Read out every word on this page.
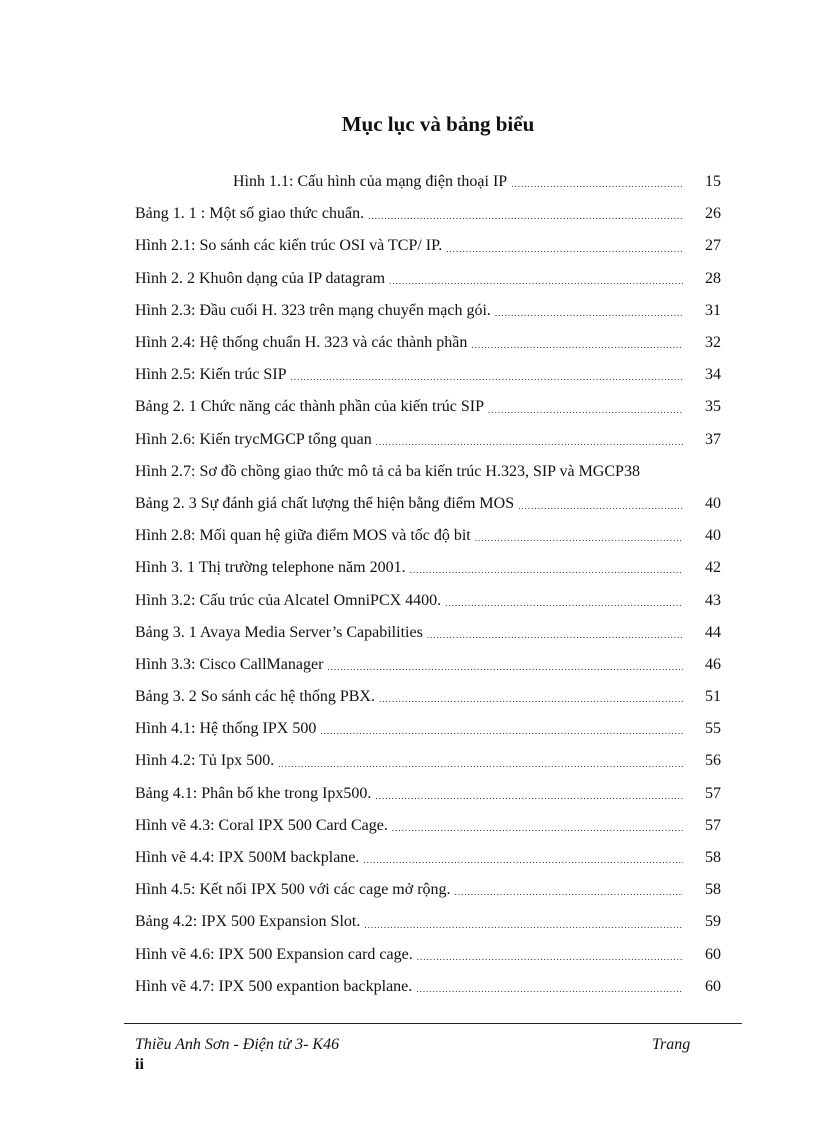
Mục lục và bảng biểu
Hình 1.1: Cấu hình của mạng điện thoại IP .....	15
Bảng 1. 1 : Một số giao thức chuẩn. .....	26
Hình 2.1: So sánh các kiến trúc OSI và TCP/ IP. .....	27
Hình 2. 2 Khuôn dạng của IP datagram .....	28
Hình 2.3: Đầu cuối H. 323 trên mạng chuyển mạch gói. .....	31
Hình 2.4: Hệ thống chuẩn H. 323 và các thành phần .....	32
Hình 2.5: Kiến trúc SIP .....	34
Bảng 2. 1 Chức năng các thành phần của kiến trúc SIP .....	35
Hình 2.6: Kiến trycMGCP tổng quan .....	37
Hình 2.7: Sơ đồ chồng giao thức mô tả cả ba kiến trúc H.323, SIP và MGCP 38
Bảng 2. 3 Sự đánh giá chất lượng thể hiện bằng điểm MOS .....	40
Hình 2.8: Mối quan hệ giữa điểm MOS và tốc độ bit .....	40
Hình 3. 1 Thị trường telephone năm 2001. .....	42
Hình 3.2: Cấu trúc của Alcatel OmniPCX 4400. .....	43
Bảng 3. 1 Avaya Media Server’s Capabilities .....	44
Hình 3.3: Cisco CallManager .....	46
Bảng 3. 2 So sánh các hệ thống PBX. .....	51
Hình 4.1: Hệ thống IPX 500 .....	55
Hình 4.2: Tủ Ipx 500. .....	56
Bảng 4.1: Phân bố khe trong Ipx500. .....	57
Hình vẽ 4.3: Coral IPX 500 Card Cage. .....	57
Hình vẽ 4.4: IPX 500M backplane. .....	58
Hình 4.5: Kết nối IPX 500 với các cage mở rộng. .....	58
Bảng 4.2: IPX 500 Expansion Slot. .....	59
Hình vẽ 4.6: IPX 500 Expansion card cage. .....	60
Hình vẽ 4.7: IPX 500 expantion backplane. .....	60
Thiều Anh Sơn - Điện tử 3- K46	Trang
ii
